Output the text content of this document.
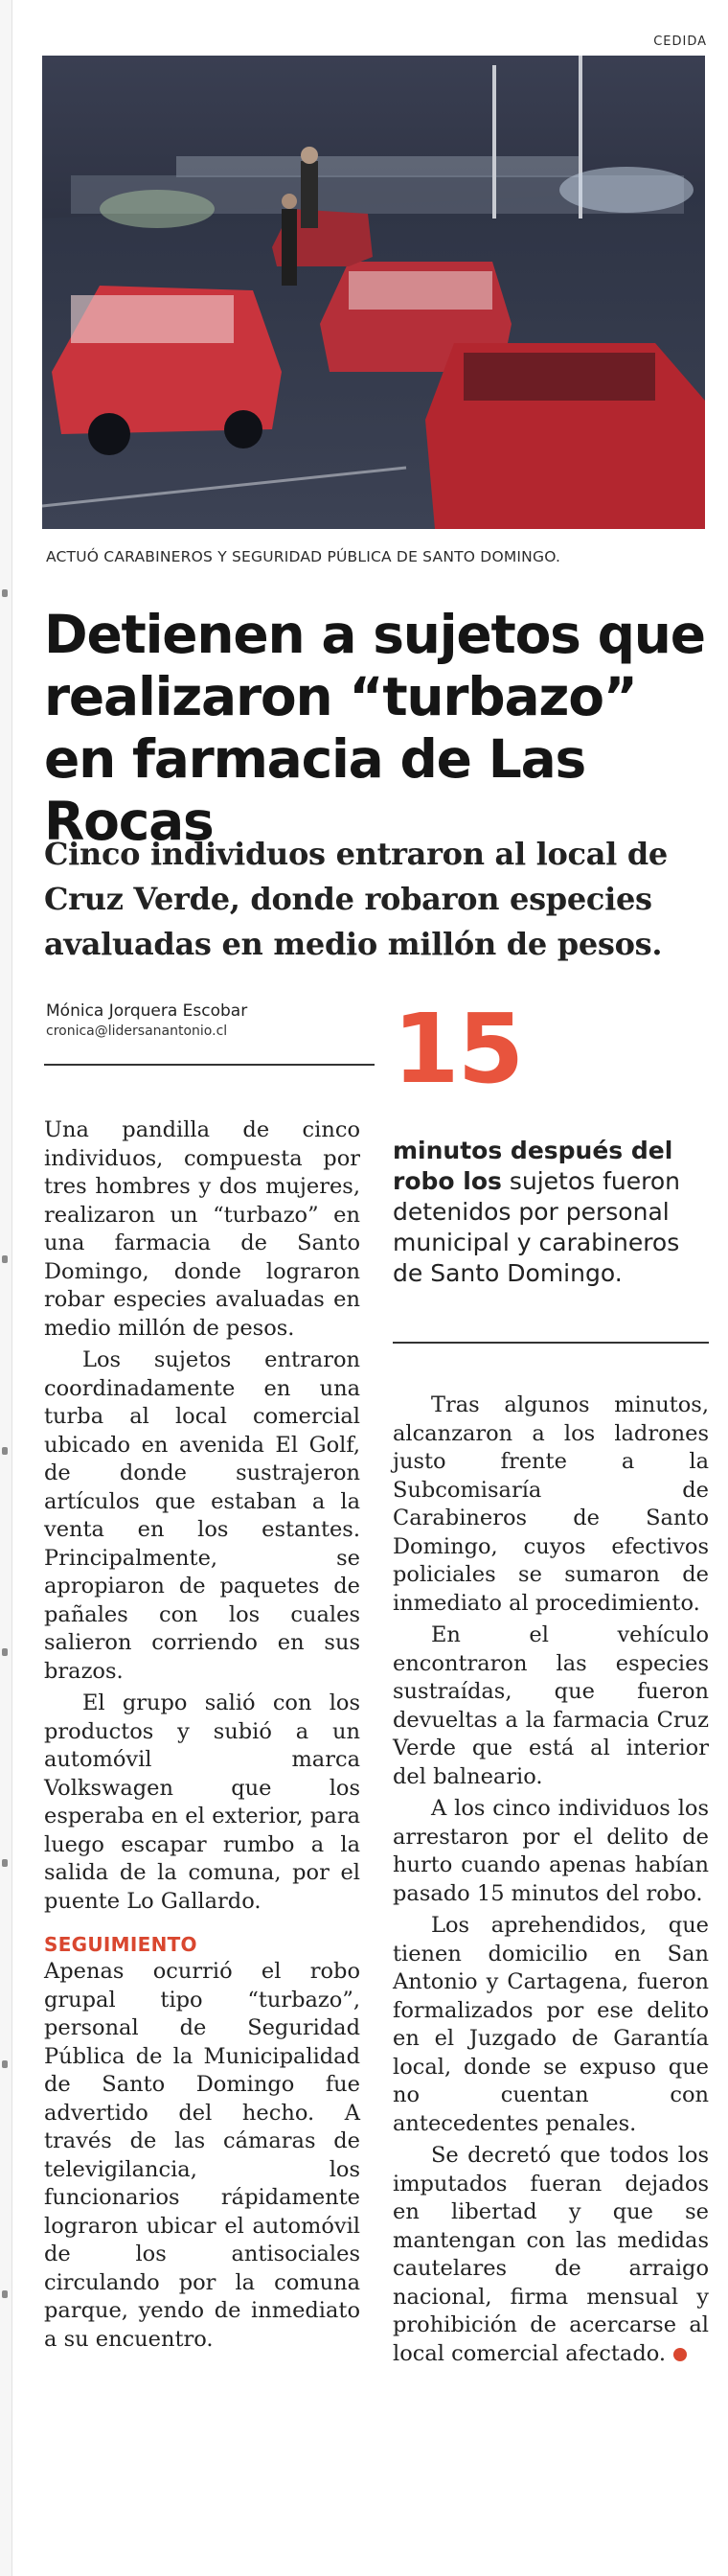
CEDIDA
ACTUÓ CARABINEROS Y SEGURIDAD PÚBLICA DE SANTO DOMINGO.
Detienen a sujetos que realizaron “turbazo” en farmacia de Las Rocas

Cinco individuos entraron al local de Cruz Verde, donde robaron especies avaluadas en medio millón de pesos.

Mónica Jorquera Escobar
cronica@lidersanantonio.cl 15

minutos después del robo los sujetos fueron detenidos por personal municipal y carabineros de Santo Domingo.

Una pandilla de cinco individuos, compuesta por tres hombres y dos mujeres, realizaron un “turbazo” en una farmacia de Santo Domingo, donde lograron robar especies avaluadas en medio millón de pesos.

Los sujetos entraron coordinadamente en una turba al local comercial ubicado en avenida El Golf, de donde sustrajeron artículos que estaban a la venta en los estantes. Principalmente, se apropiaron de paquetes de pañales con los cuales salieron corriendo en sus brazos.

El grupo salió con los productos y subió a un automóvil marca Volkswagen que los esperaba en el exterior, para luego escapar rumbo a la salida de la comuna, por el puente Lo Gallardo.

SEGUIMIENTO

Apenas ocurrió el robo grupal tipo “turbazo”, personal de Seguridad Pública de la Municipalidad de Santo Domingo fue advertido del hecho. A través de las cámaras de televigilancia, los funcionarios rápidamente lograron ubicar el automóvil de los antisociales circulando por la comuna parque, yendo de inmediato a su encuentro.

Tras algunos minutos, alcanzaron a los ladrones justo frente a la Subcomisaría de Carabineros de Santo Domingo, cuyos efectivos policiales se sumaron de inmediato al procedimiento.

En el vehículo encontraron las especies sustraídas, que fueron devueltas a la farmacia Cruz Verde que está al interior del balneario.

A los cinco individuos los arrestaron por el delito de hurto cuando apenas habían pasado 15 minutos del robo.

Los aprehendidos, que tienen domicilio en San Antonio y Cartagena, fueron formalizados por ese delito en el Juzgado de Garantía local, donde se expuso que no cuentan con antecedentes penales.

Se decretó que todos los imputados fueran dejados en libertad y que se mantengan con las medidas cautelares de arraigo nacional, firma mensual y prohibición de acercarse al local comercial afectado.	✿
